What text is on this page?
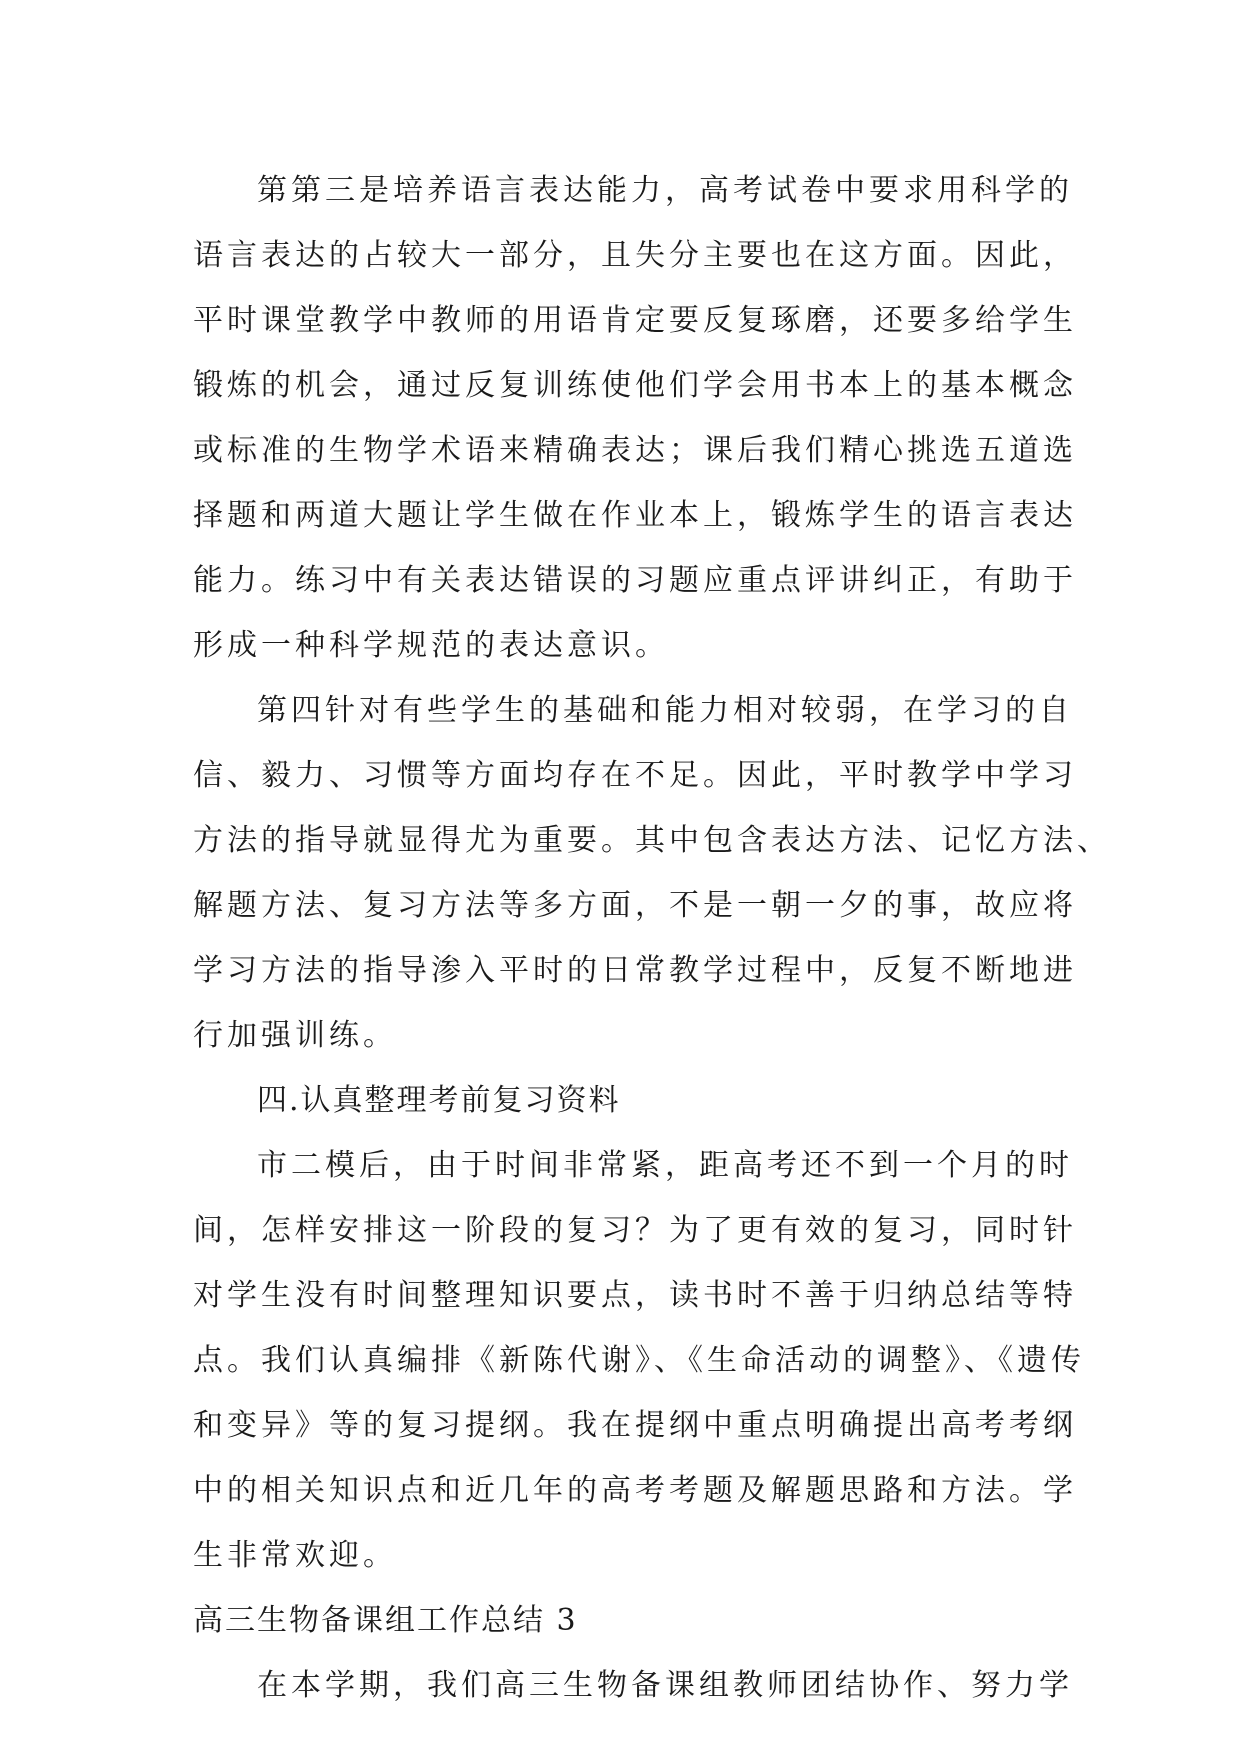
第第三是培养语言表达能力，高考试卷中要求用科学的
语言表达的占较大一部分，且失分主要也在这方面。因此，
平时课堂教学中教师的用语肯定要反复琢磨，还要多给学生
锻炼的机会，通过反复训练使他们学会用书本上的基本概念
或标准的生物学术语来精确表达；课后我们精心挑选五道选
择题和两道大题让学生做在作业本上，锻炼学生的语言表达
能力。练习中有关表达错误的习题应重点评讲纠正，有助于
形成一种科学规范的表达意识。
第四针对有些学生的基础和能力相对较弱，在学习的自
信、毅力、习惯等方面均存在不足。因此，平时教学中学习
方法的指导就显得尤为重要。其中包含表达方法、记忆方法、
解题方法、复习方法等多方面，不是一朝一夕的事，故应将
学习方法的指导渗入平时的日常教学过程中，反复不断地进
行加强训练。
四.认真整理考前复习资料
市二模后，由于时间非常紧，距高考还不到一个月的时
间，怎样安排这一阶段的复习？为了更有效的复习，同时针
对学生没有时间整理知识要点，读书时不善于归纳总结等特
点。我们认真编排《新陈代谢》、《生命活动的调整》、《遗传
和变异》等的复习提纲。我在提纲中重点明确提出高考考纲
中的相关知识点和近几年的高考考题及解题思路和方法。学
生非常欢迎。
高三生物备课组工作总结 3
在本学期，我们高三生物备课组教师团结协作、努力学
